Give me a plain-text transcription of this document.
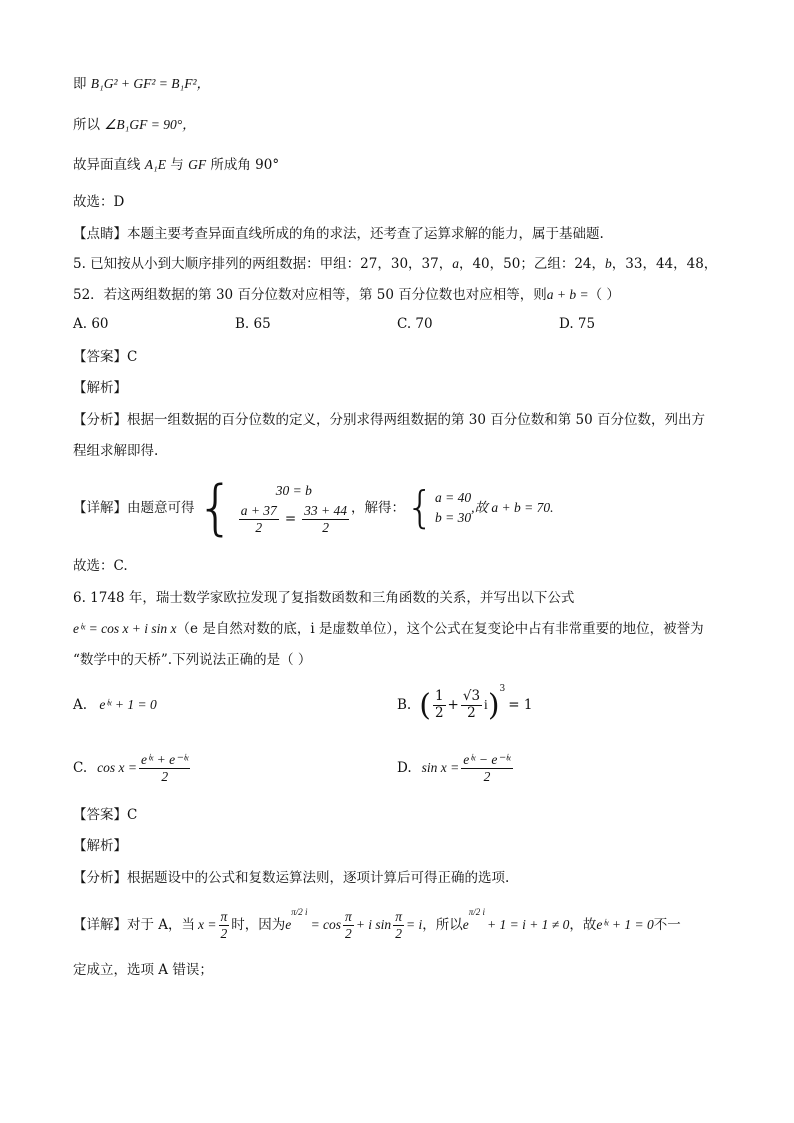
即 B₁G² + GF² = B₁F²，
所以 ∠B₁GF = 90°，
故异面直线 A₁E 与 GF 所成角 90°
故选：D
【点睛】本题主要考查异面直线所成的角的求法，还考查了运算求解的能力，属于基础题.
5. 已知按从小到大顺序排列的两组数据：甲组：27，30，37，a，40，50；乙组：24，b，33，44，48，
52．若这两组数据的第 30 百分位数对应相等，第 50 百分位数也对应相等，则a + b =（ ）
A. 60	B. 65	C. 70	D. 75
【答案】C
【解析】
【分析】根据一组数据的百分位数的定义，分别求得两组数据的第 30 百分位数和第 50 百分位数，列出方
程组求解即得.
【详解】由题意可得 {	30 = b
$\frac{a + 37}{2} = \frac{33 + 44}{2}$ ，解得： { a = 40
b = 30
,故 a + b = 70.
故选：C.
6. 1748 年，瑞士数学家欧拉发现了复指数函数和三角函数的关系，并写出以下公式
eⁱˣ = cos x + i sin x（e 是自然对数的底，i 是虚数单位），这个公式在复变论中占有非常重要的地位，被誉为
“数学中的天桥”.下列说法正确的是（ ）
A. eⁱˣ + 1 = 0	B. ( $\frac{1}{2} + \frac{√3}{2}$ i )$^3$
= 1
C. $\cos x = \frac{\text{eⁱˣ + e⁻ⁱˣ}}{2}$	D. $\sin x = \frac{\text{eⁱˣ − e⁻ⁱˣ}}{2}$
【答案】C
【解析】
【分析】根据题设中的公式和复数运算法则，逐项计算后可得正确的选项.
【详解】对于 A，当 $x = \frac{\pi}{2}$ 时，因为 e
$^{\pi/2 i}$
= $\cos \frac{\pi}{2} + i$ $\sin \frac{\pi}{2} = i$ ，所以 e
$^{\pi/2 i}$
+ 1 = i + 1 ≠ 0 ，故 eⁱˣ + 1 = 0 不一
定成立，选项 A 错误；
